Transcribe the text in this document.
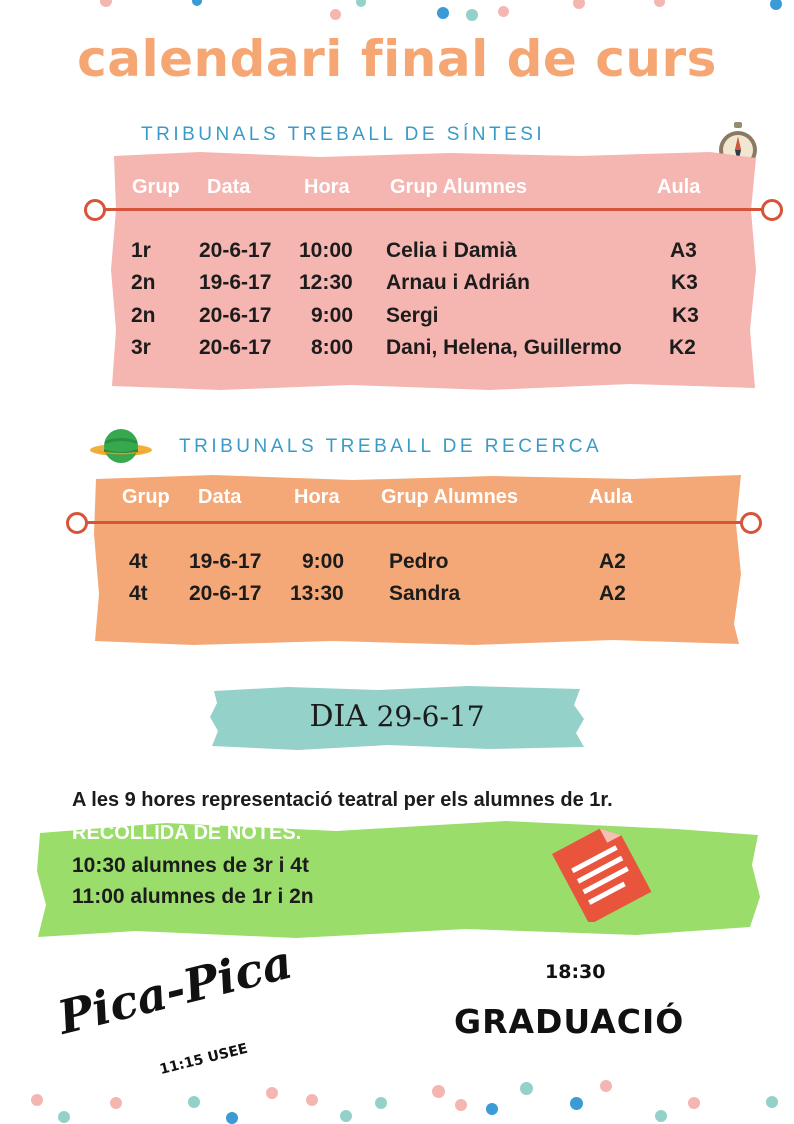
calendari final de curs
TRIBUNALS TREBALL DE SÍNTESI
Grup Data	Hora Grup Alumnes	Aula
1r 20-6-17 10:00 Celia i Damià	A3
2n 19-6-17 12:30 Arnau i Adrián	K3
2n 20-6-17 9:00 Sergi	K3
3r 20-6-17 8:00 Dani, Helena, Guillermo K2
TRIBUNALS TREBALL DE RECERCA
Grup Data	Hora Grup Alumnes	Aula
4t 19-6-17 9:00 Pedro	A2
4t 20-6-17 13:30 Sandra	A2
DIA 29-6-17
A les 9 hores representació teatral per els alumnes de 1r.
RECOLLIDA DE NOTES.
10:30 alumnes de 3r i 4t
11:00 alumnes de 1r i 2n
Pica-Pica
11:15 USEE
18:30
GRADUACIÓ
